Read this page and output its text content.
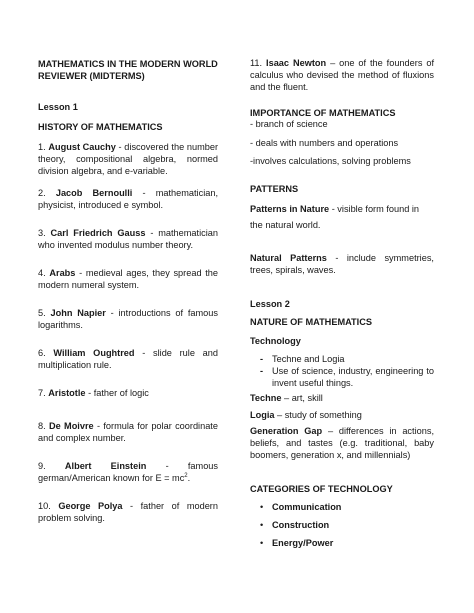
MATHEMATICS IN THE MODERN WORLD REVIEWER (MIDTERMS)
Lesson 1
HISTORY OF MATHEMATICS
1. August Cauchy - discovered the number theory, compositional algebra, normed division algebra, and e-variable.
2. Jacob Bernoulli - mathematician, physicist, introduced e symbol.
3. Carl Friedrich Gauss - mathematician who invented modulus number theory.
4. Arabs - medieval ages, they spread the modern numeral system.
5. John Napier - introductions of famous logarithms.
6. William Oughtred - slide rule and multiplication rule.
7. Aristotle - father of logic
8. De Moivre - formula for polar coordinate and complex number.
9. Albert Einstein - famous german/American known for $E = mc^2$.
10. George Polya - father of modern problem solving.
11. Isaac Newton – one of the founders of calculus who devised the method of fluxions and the fluent.
IMPORTANCE OF MATHEMATICS
- branch of science
- deals with numbers and operations
-involves calculations, solving problems
PATTERNS
Patterns in Nature - visible form found in the natural world.
Natural Patterns - include symmetries, trees, spirals, waves.
Lesson 2
NATURE OF MATHEMATICS
Technology
- Techne and Logia
- Use of science, industry, engineering to invent useful things.
Techne – art, skill
Logia – study of something
Generation Gap – differences in actions, beliefs, and tastes (e.g. traditional, baby boomers, generation x, and millennials)
CATEGORIES OF TECHNOLOGY
• Communication
• Construction
• Energy/Power
